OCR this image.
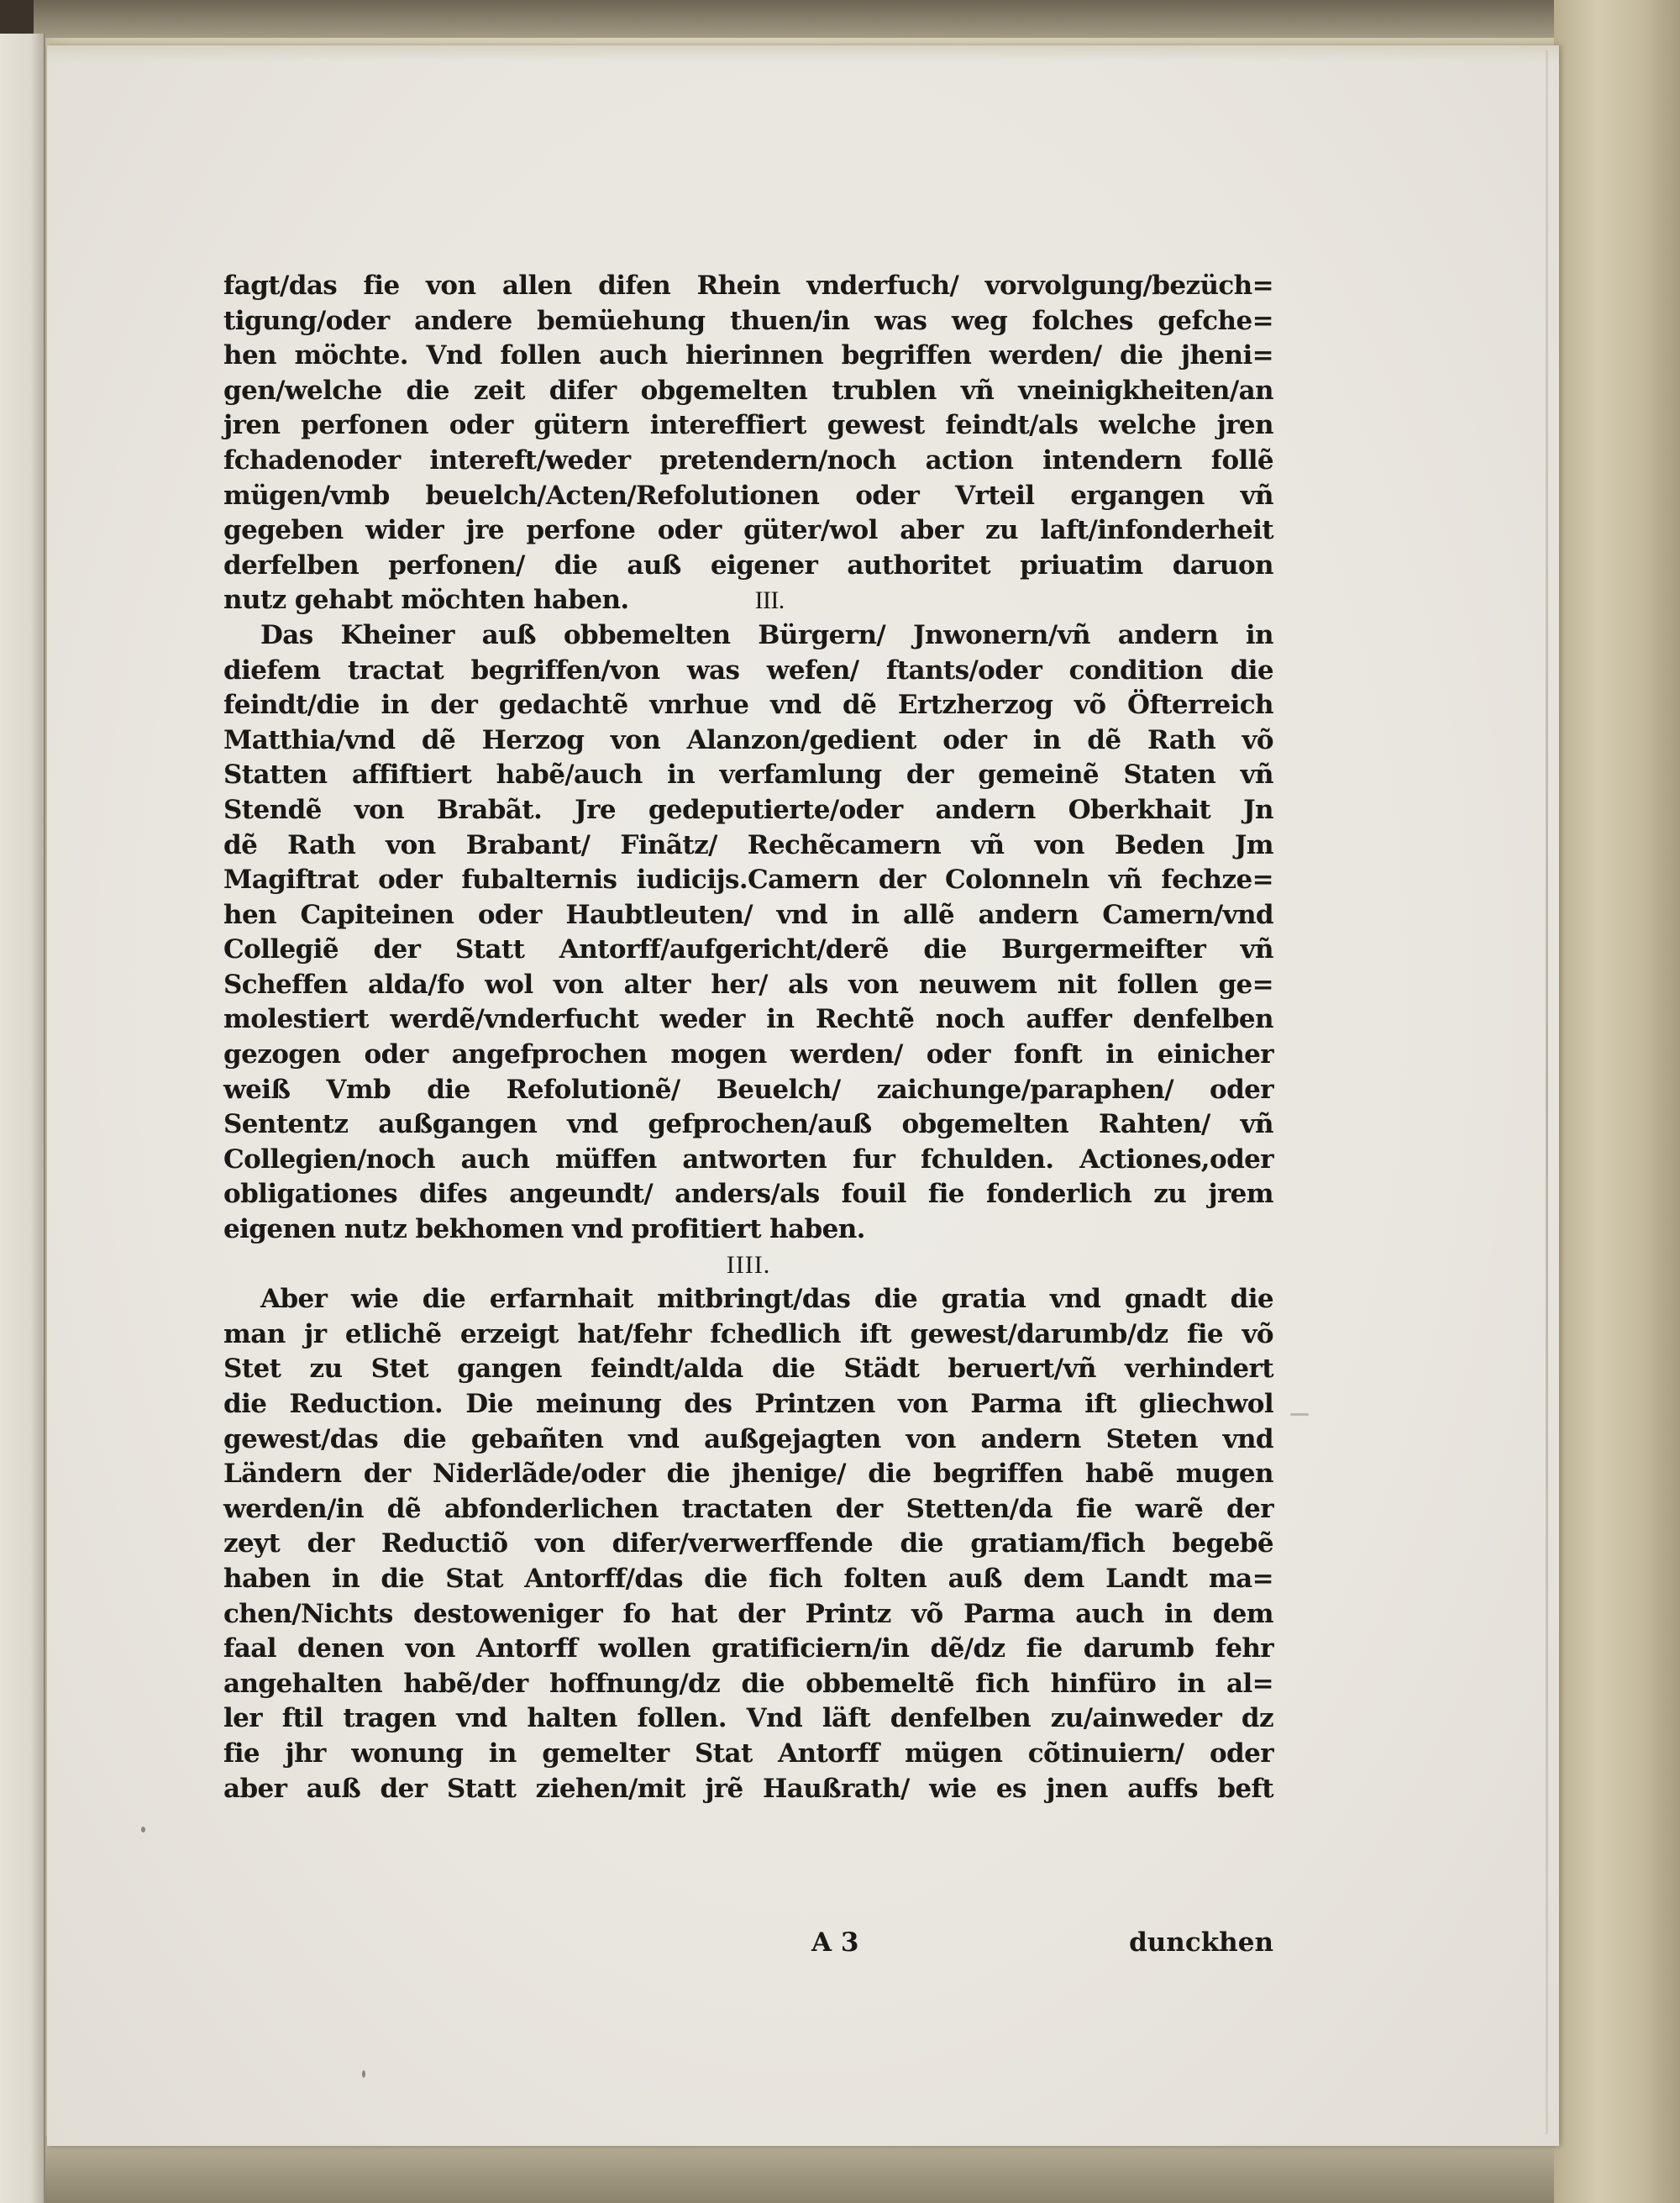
fagt/das fie von allen difen Rhein vnderfuch/ vorvolgung/bezüch=
tigung/oder andere bemüehung thuen/in was weg folches gefche=
hen möchte. Vnd follen auch hierinnen begriffen werden/ die jheni=
gen/welche die zeit difer obgemelten trublen vñ vneinigkheiten/an
jren perfonen oder gütern intereffiert gewest feindt/als welche jren
fchadenoder intereft/weder pretendern/noch action intendern follẽ
mügen/vmb beuelch/Acten/Refolutionen oder Vrteil ergangen vñ
gegeben wider jre perfone oder güter/wol aber zu laft/infonderheit
derfelben perfonen/ die auß eigener authoritet priuatim daruon
nutz gehabt möchten haben.	III.
Das Kheiner auß obbemelten Bürgern/ Jnwonern/vñ andern in
diefem tractat begriffen/von was wefen/ ftants/oder condition die
feindt/die in der gedachtẽ vnrhue vnd dẽ Ertzherzog võ Öfterreich
Matthia/vnd dẽ Herzog von Alanzon/gedient oder in dẽ Rath võ
Statten affiftiert habẽ/auch in verfamlung der gemeinẽ Staten vñ
Stendẽ von Brabãt. Jre gedeputierte/oder andern Oberkhait Jn
dẽ Rath von Brabant/ Finãtz/ Rechẽcamern vñ von Beden Jm
Magiftrat oder fubalternis iudicijs.Camern der Colonneln vñ fechze=
hen Capiteinen oder Haubtleuten/ vnd in allẽ andern Camern/vnd
Collegiẽ der Statt Antorff/aufgericht/derẽ die Burgermeifter vñ
Scheffen alda/fo wol von alter her/ als von neuwem nit follen ge=
molestiert werdẽ/vnderfucht weder in Rechtẽ noch auffer denfelben
gezogen oder angefprochen mogen werden/ oder fonft in einicher
weiß Vmb die Refolutionẽ/ Beuelch/ zaichunge/paraphen/ oder
Sententz außgangen vnd gefprochen/auß obgemelten Rahten/ vñ
Collegien/noch auch müffen antworten fur fchulden. Actiones,oder
obligationes difes angeundt/ anders/als fouil fie fonderlich zu jrem
eigenen nutz bekhomen vnd profitiert haben.
IIII.
Aber wie die erfarnhait mitbringt/das die gratia vnd gnadt die
man jr etlichẽ erzeigt hat/fehr fchedlich ift gewest/darumb/dz fie võ
Stet zu Stet gangen feindt/alda die Städt beruert/vñ verhindert
die Reduction. Die meinung des Printzen von Parma ift gliechwol
gewest/das die gebañten vnd außgejagten von andern Steten vnd
Ländern der Niderlãde/oder die jhenige/ die begriffen habẽ mugen
werden/in dẽ abfonderlichen tractaten der Stetten/da fie warẽ der
zeyt der Reductiõ von difer/verwerffende die gratiam/fich begebẽ
haben in die Stat Antorff/das die fich folten auß dem Landt ma=
chen/Nichts destoweniger fo hat der Printz võ Parma auch in dem
faal denen von Antorff wollen gratificiern/in dẽ/dz fie darumb fehr
angehalten habẽ/der hoffnung/dz die obbemeltẽ fich hinfüro in al=
ler ftil tragen vnd halten follen. Vnd läft denfelben zu/ainweder dz
fie jhr wonung in gemelter Stat Antorff mügen cõtinuiern/ oder
aber auß der Statt ziehen/mit jrẽ Haußrath/ wie es jnen auffs beft
A 3	dunckhen
